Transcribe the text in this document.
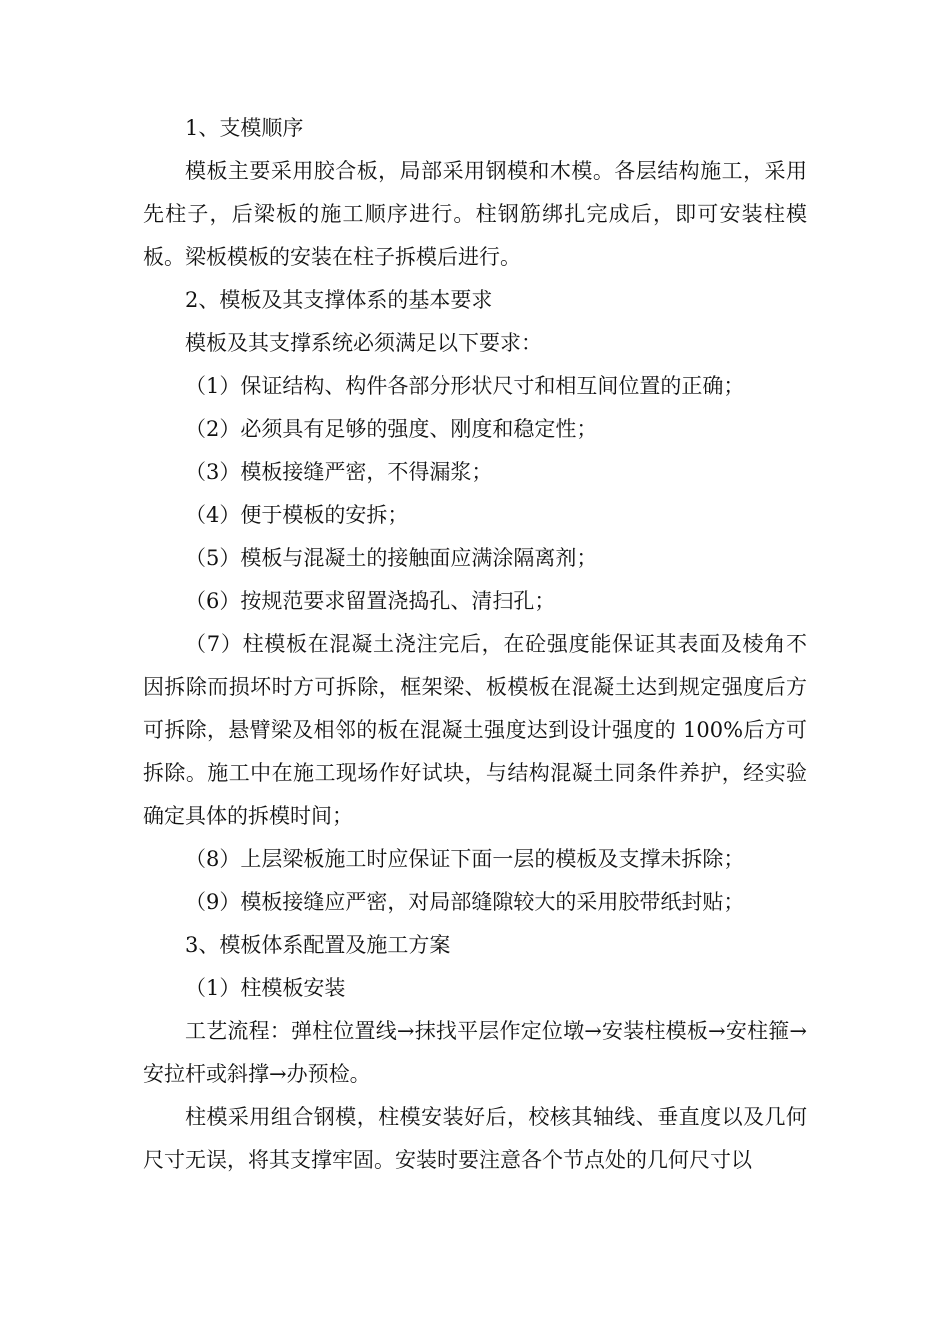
1、支模顺序

模板主要采用胶合板，局部采用钢模和木模。各层结构施工，采用先柱子，后梁板的施工顺序进行。柱钢筋绑扎完成后，即可安装柱模板。梁板模板的安装在柱子拆模后进行。

2、模板及其支撑体系的基本要求

模板及其支撑系统必须满足以下要求：

（1）保证结构、构件各部分形状尺寸和相互间位置的正确；

（2）必须具有足够的强度、刚度和稳定性；

（3）模板接缝严密，不得漏浆；

（4）便于模板的安拆；

（5）模板与混凝土的接触面应满涂隔离剂；

（6）按规范要求留置浇捣孔、清扫孔；

（7）柱模板在混凝土浇注完后，在砼强度能保证其表面及棱角不因拆除而损坏时方可拆除，框架梁、板模板在混凝土达到规定强度后方可拆除，悬臂梁及相邻的板在混凝土强度达到设计强度的 100%后方可拆除。施工中在施工现场作好试块，与结构混凝土同条件养护，经实验确定具体的拆模时间；

（8）上层梁板施工时应保证下面一层的模板及支撑未拆除；

（9）模板接缝应严密，对局部缝隙较大的采用胶带纸封贴；

3、模板体系配置及施工方案

（1）柱模板安装

工艺流程：弹柱位置线→抹找平层作定位墩→安装柱模板→安柱箍→安拉杆或斜撑→办预检。

柱模采用组合钢模，柱模安装好后，校核其轴线、垂直度以及几何尺寸无误，将其支撑牢固。安装时要注意各个节点处的几何尺寸以
